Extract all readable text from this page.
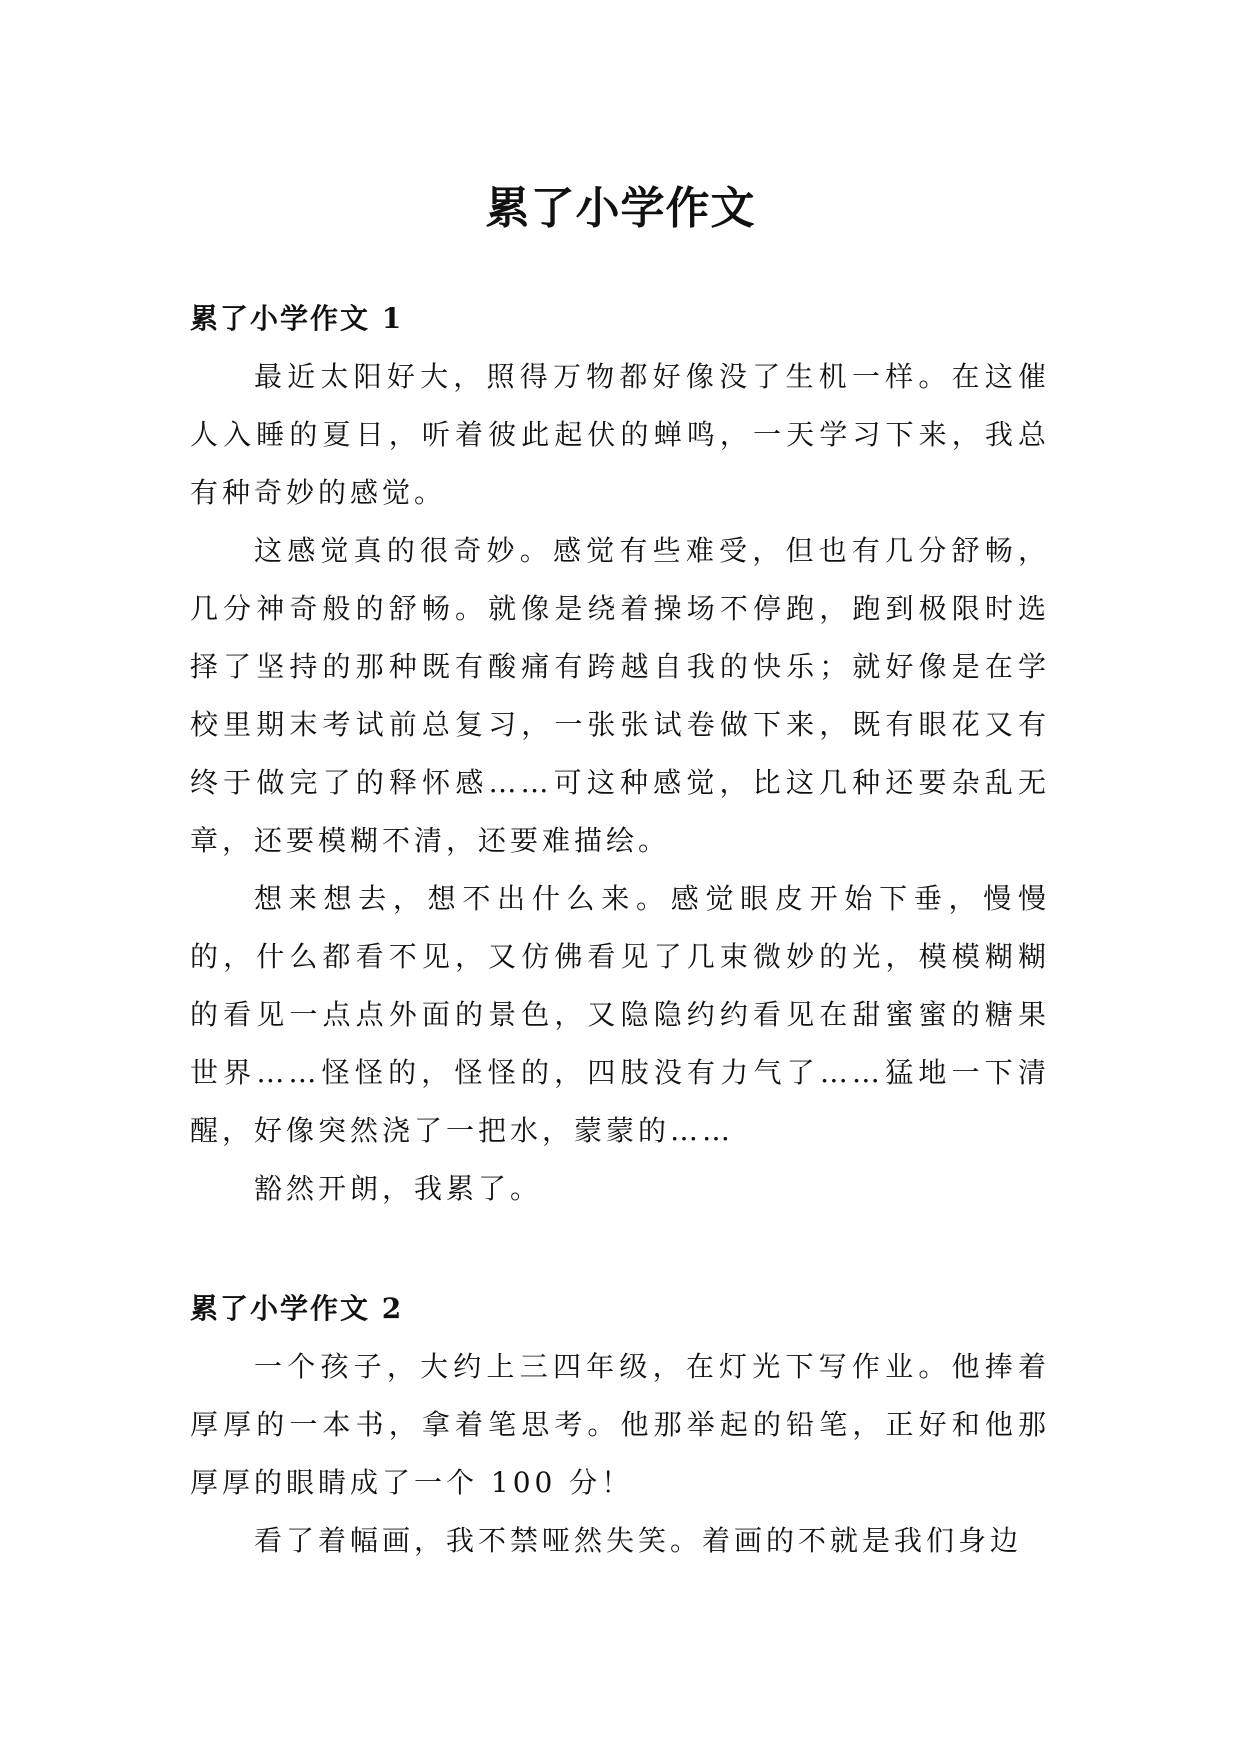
累了小学作文
累了小学作文 1

最近太阳好大，照得万物都好像没了生机一样。在这催人入睡的夏日，听着彼此起伏的蝉鸣，一天学习下来，我总有种奇妙的感觉。

这感觉真的很奇妙。感觉有些难受，但也有几分舒畅，几分神奇般的舒畅。就像是绕着操场不停跑，跑到极限时选择了坚持的那种既有酸痛有跨越自我的快乐；就好像是在学校里期末考试前总复习，一张张试卷做下来，既有眼花又有终于做完了的释怀感……可这种感觉，比这几种还要杂乱无章，还要模糊不清，还要难描绘。

想来想去，想不出什么来。感觉眼皮开始下垂，慢慢的，什么都看不见，又仿佛看见了几束微妙的光，模模糊糊的看见一点点外面的景色，又隐隐约约看见在甜蜜蜜的糖果世界……怪怪的，怪怪的，四肢没有力气了……猛地一下清醒，好像突然浇了一把水，蒙蒙的……

豁然开朗，我累了。

累了小学作文 2

一个孩子，大约上三四年级，在灯光下写作业。他捧着厚厚的一本书，拿着笔思考。他那举起的铅笔，正好和他那厚厚的眼睛成了一个 100 分！

看了着幅画，我不禁哑然失笑。着画的不就是我们身边
